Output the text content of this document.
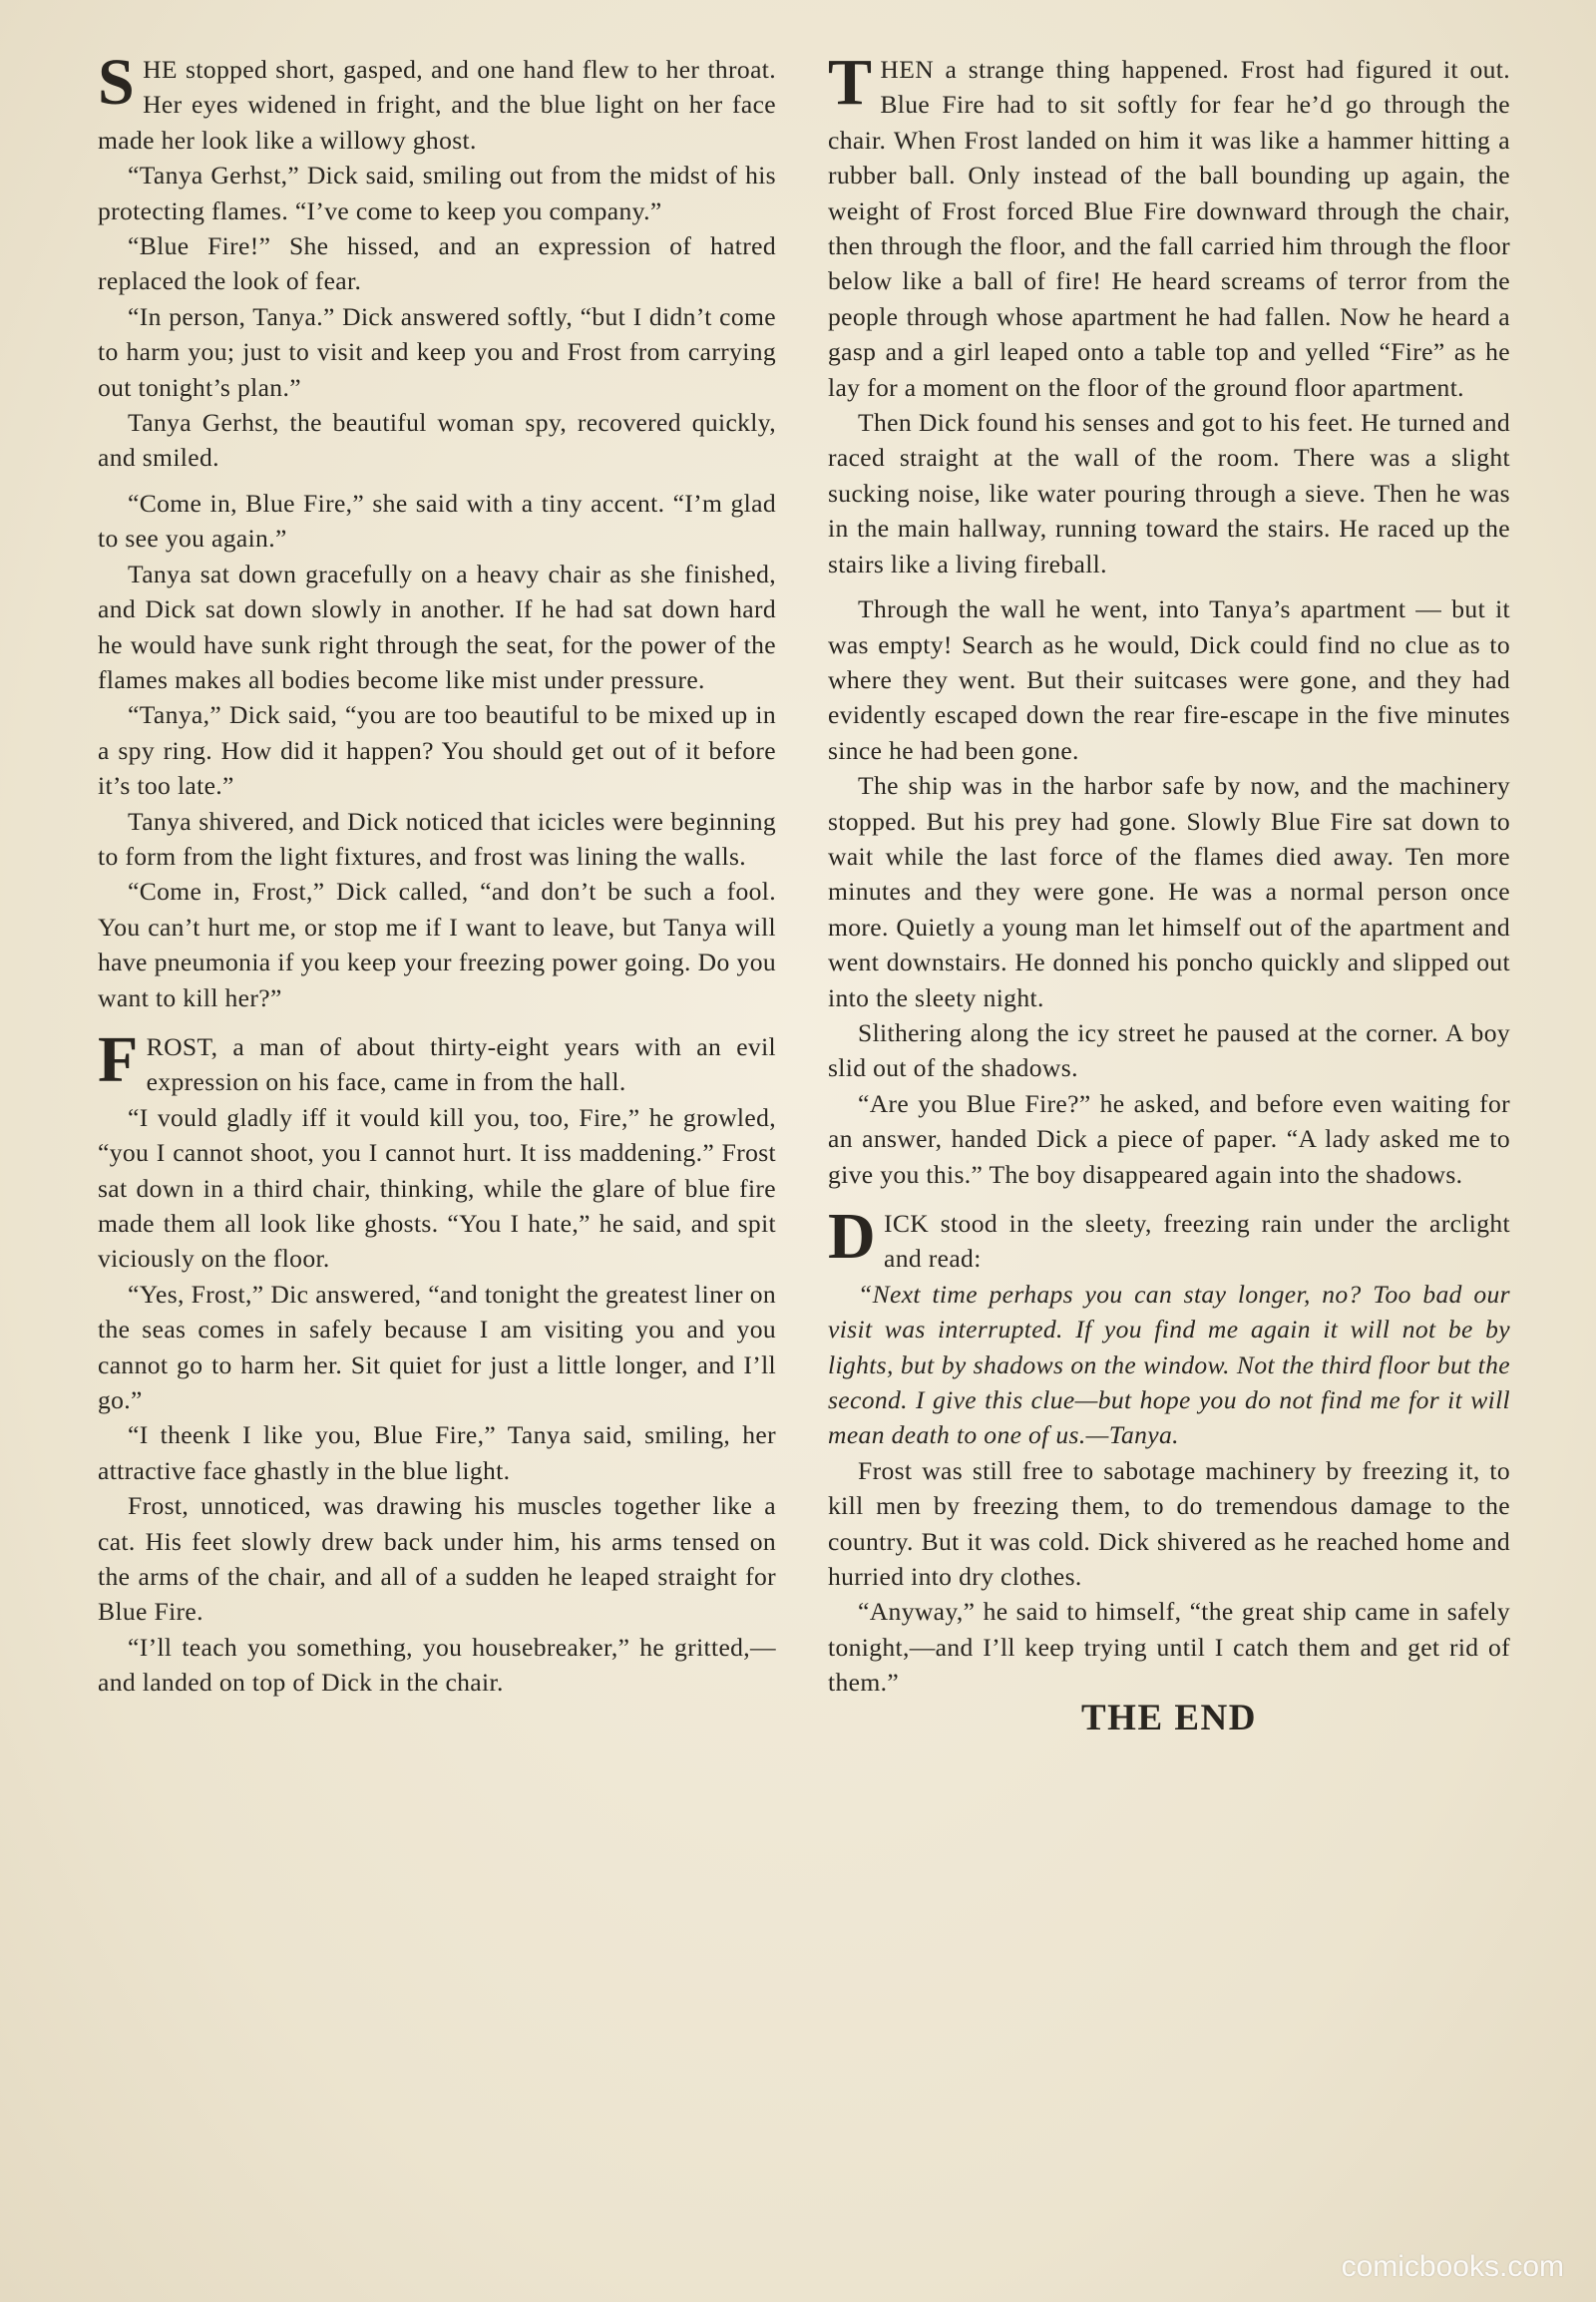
SHE stopped short, gasped, and one hand flew to her throat. Her eyes widened in fright, and the blue light on her face made her look like a willowy ghost.

“Tanya Gerhst,” Dick said, smiling out from the midst of his protecting flames. “I’ve come to keep you company.”

“Blue Fire!” She hissed, and an expression of hatred replaced the look of fear.

“In person, Tanya.” Dick answered softly, “but I didn’t come to harm you; just to visit and keep you and Frost from carrying out tonight’s plan.”

Tanya Gerhst, the beautiful woman spy, recovered quickly, and smiled.

“Come in, Blue Fire,” she said with a tiny accent. “I’m glad to see you again.”

Tanya sat down gracefully on a heavy chair as she finished, and Dick sat down slowly in another. If he had sat down hard he would have sunk right through the seat, for the power of the flames makes all bodies become like mist under pressure.

“Tanya,” Dick said, “you are too beautiful to be mixed up in a spy ring. How did it happen? You should get out of it before it’s too late.”

Tanya shivered, and Dick noticed that icicles were beginning to form from the light fixtures, and frost was lining the walls.

“Come in, Frost,” Dick called, “and don’t be such a fool. You can’t hurt me, or stop me if I want to leave, but Tanya will have pneumonia if you keep your freezing power going. Do you want to kill her?”

FROST, a man of about thirty-eight years with an evil expression on his face, came in from the hall.

“I vould gladly iff it vould kill you, too, Fire,” he growled, “you I cannot shoot, you I cannot hurt. It iss maddening.” Frost sat down in a third chair, thinking, while the glare of blue fire made them all look like ghosts. “You I hate,” he said, and spit viciously on the floor.

“Yes, Frost,” Dic answered, “and tonight the greatest liner on the seas comes in safely because I am visiting you and you cannot go to harm her. Sit quiet for just a little longer, and I’ll go.”

“I theenk I like you, Blue Fire,” Tanya said, smiling, her attractive face ghastly in the blue light.

Frost, unnoticed, was drawing his muscles together like a cat. His feet slowly drew back under him, his arms tensed on the arms of the chair, and all of a sudden he leaped straight for Blue Fire.

“I’ll teach you something, you housebreaker,” he gritted,—and landed on top of Dick in the chair.

THEN a strange thing happened. Frost had figured it out. Blue Fire had to sit softly for fear he’d go through the chair. When Frost landed on him it was like a hammer hitting a rubber ball. Only instead of the ball bounding up again, the weight of Frost forced Blue Fire downward through the chair, then through the floor, and the fall carried him through the floor below like a ball of fire! He heard screams of terror from the people through whose apartment he had fallen. Now he heard a gasp and a girl leaped onto a table top and yelled “Fire” as he lay for a moment on the floor of the ground floor apartment.

Then Dick found his senses and got to his feet. He turned and raced straight at the wall of the room. There was a slight sucking noise, like water pouring through a sieve. Then he was in the main hallway, running toward the stairs. He raced up the stairs like a living fireball.

Through the wall he went, into Tanya’s apartment — but it was empty! Search as he would, Dick could find no clue as to where they went. But their suitcases were gone, and they had evidently escaped down the rear fire-escape in the five minutes since he had been gone.

The ship was in the harbor safe by now, and the machinery stopped. But his prey had gone. Slowly Blue Fire sat down to wait while the last force of the flames died away. Ten more minutes and they were gone. He was a normal person once more. Quietly a young man let himself out of the apartment and went downstairs. He donned his poncho quickly and slipped out into the sleety night.

Slithering along the icy street he paused at the corner. A boy slid out of the shadows.

“Are you Blue Fire?” he asked, and before even waiting for an answer, handed Dick a piece of paper. “A lady asked me to give you this.” The boy disappeared again into the shadows.

DICK stood in the sleety, freezing rain under the arclight and read:

“Next time perhaps you can stay longer, no? Too bad our visit was interrupted. If you find me again it will not be by lights, but by shadows on the window. Not the third floor but the second. I give this clue—but hope you do not find me for it will mean death to one of us.—Tanya.

Frost was still free to sabotage machinery by freezing it, to kill men by freezing them, to do tremendous damage to the country. But it was cold. Dick shivered as he reached home and hurried into dry clothes.

“Anyway,” he said to himself, “the great ship came in safely tonight,—and I’ll keep trying until I catch them and get rid of them.”

THE END

comicbooks.com
